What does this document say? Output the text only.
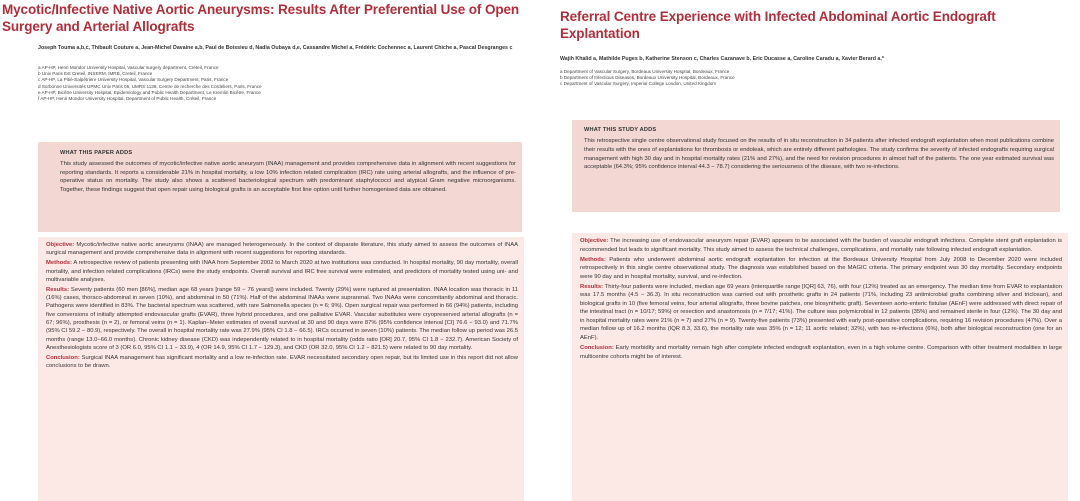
Mycotic/Infective Native Aortic Aneurysms: Results After Preferential Use of Open Surgery and Arterial Allografts
Joseph Touma a,b,c, Thibault Couture a, Jean-Michel Davaine a,b, Paul de Boissieu d, Nadia Oubaya d,e, Cassandre Michel a, Frédéric Cochennec a, Laurent Chiche a, Pascal Desgranges c
a AP-HP, Henri Mondor University Hospital, Vascular surgery department, Créteil, France
b Univ Paris Est Creteil, INSERM, IMRB, Creteil, France
c AP-HP, La Pitié-Salpêtrière University Hospital, Vascular Surgery Department, Paris, France
d Sorbonne Universités UPMC Univ Paris 06, UMRS 1138, Centre de recherche des Cordeliers, Paris, France
e AP-HP, Bicêtre University Hospital, Epidemiology and Public Health Department, Le Kremlin Bicêtre, France
f AP-HP, Henri Mondor University Hospital, Department of Public Health, Créteil, France
WHAT THIS PAPER ADDS
This study assessed the outcomes of mycotic/infective native aortic aneurysm (INAA) management and provides comprehensive data in alignment with recent suggestions for reporting standards. It reports a considerable 21% in hospital mortality, a low 10% infection related complication (IRC) rate using arterial allografts, and the influence of pre-operative status on mortality. The study also shows a scattered bacteriological spectrum with predominant staphylococci and atypical Gram negative microorganisms. Together, these findings suggest that open repair using biological grafts is an acceptable first line option until further homogenised data are obtained.

Objective: Mycotic/infective native aortic aneurysms (INAA) are managed heterogeneously. In the context of disparate literature, this study aimed to assess the outcomes of INAA surgical management and provide comprehensive data in alignment with recent suggestions for reporting standards.

Methods: A retrospective review of patients presenting with INAA from September 2002 to March 2020 at two institutions was conducted. In hospital mortality, 90 day mortality, overall mortality, and infection related complications (IRCs) were the study endpoints. Overall survival and IRC free survival were estimated, and predictors of mortality tested using uni- and multivariable analyses.

Results: Seventy patients (60 men [86%], median age 68 years [range 59 − 76 years]) were included. Twenty (29%) were ruptured at presentation. INAA location was thoracic in 11 (16%) cases, thoraco-abdominal in seven (10%), and abdominal in 50 (71%). Half of the abdominal INAAs were suprarenal. Two INAAs were concomitantly abdominal and thoracic. Pathogens were identified in 83%. The bacterial spectrum was scattered, with rare Salmonella species (n = 6; 9%). Open surgical repair was performed in 66 (94%) patients, including five conversions of initially attempted endovascular grafts (EVAR), three hybrid procedures, and one palliative EVAR. Vascular substitutes were cryopreserved arterial allografts (n = 67; 96%), prosthesis (n = 2), or femoral veins (n = 1). Kaplan−Meier estimates of overall survival at 30 and 90 days were 87% (95% confidence interval [CI] 76.6 − 93.0) and 71.7% (95% CI 59.2 − 80.9), respectively. The overall in hospital mortality rate was 27.9% (95% CI 1.8 − 66.5). IRCs occurred in seven (10%) patients. The median follow up period was 26.5 months (range 13.0−66.0 months). Chronic kidney disease (CKD) was independently related to in hospital mortality (odds ratio [OR] 20.7, 95% CI 1.8 − 232.7). American Society of Anesthesiologists score of 3 (OR 6.0, 95% CI 1.1 − 33.9), 4 (OR 14.9, 95% CI 1.7 − 129.3), and CKD (OR 32.0, 95% CI 1.2 − 821.5) were related to 90 day mortality.

Conclusion: Surgical INAA management has significant mortality and a low re-infection rate. EVAR necessitated secondary open repair, but its limited use in this report did not allow conclusions to be drawn.

Referral Centre Experience with Infected Abdominal Aortic Endograft Explantation
Wajih Khalid a, Mathilde Puges b, Katherine Stenson c, Charles Cazanave b, Eric Ducasse a, Caroline Caradu a, Xavier Berard a,*
a Department of Vascular Surgery, Bordeaux University Hospital, Bordeaux, France
b Department of Infectious Diseases, Bordeaux University Hospital, Bordeaux, France
c Department of Vascular Surgery, Imperial College London, United Kingdom
WHAT THIS STUDY ADDS
This retrospective single centre observational study focused on the results of in situ reconstruction in 34 patients after infected endograft explantation when most publications combine their results with the ones of explantations for thrombosis or endoleak, which are entirely different pathologies. The study confirms the severity of infected endografts requiring surgical management with high 30 day and in hospital mortality rates (21% and 27%), and the need for revision procedures in almost half of the patients. The one year estimated survival was acceptable (64.3%; 95% confidence interval 44.3 − 78.7) considering the seriousness of the disease, with two re-infections.

Objective: The increasing use of endovascular aneurysm repair (EVAR) appears to be associated with the burden of vascular endograft infections. Complete stent graft explantation is recommended but leads to significant mortality. This study aimed to assess the technical challenges, complications, and mortality rate following infected endograft explantation.

Methods: Patients who underwent abdominal aortic endograft explantation for infection at the Bordeaux University Hospital from July 2008 to December 2020 were included retrospectively in this single centre observational study. The diagnosis was established based on the MAGIC criteria. The primary endpoint was 30 day mortality. Secondary endpoints were 90 day and in hospital mortality, survival, and re-infection.

Results: Thirty-four patients were included, median age 69 years (interquartile range [IQR] 63, 76), with four (12%) treated as an emergency. The median time from EVAR to explantation was 17.5 months (4.5 − 36.3). In situ reconstruction was carried out with prosthetic grafts in 24 patients (71%, including 23 antimicrobial grafts combining silver and triclosan), and biological grafts in 10 (five femoral veins, four arterial allografts, three bovine patches, one biosynthetic graft). Seventeen aorto-enteric fistulae (AEnF) were addressed with direct repair of the intestinal tract (n = 10/17; 59%) or resection and anastomosis (n = 7/17; 41%). The culture was polymicrobial in 12 patients (35%) and remained sterile in four (12%). The 30 day and in hospital mortality rates were 21% (n = 7) and 27% (n = 9). Twenty-five patients (73%) presented with early post-operative complications, requiring 16 revision procedures (47%). Over a median follow up of 16.2 months (IQR 8.3, 33.6), the mortality rate was 35% (n = 12; 11 aortic related; 32%), with two re-infections (6%), both after biological reconstruction (one for an AEnF).

Conclusion: Early morbidity and mortality remain high after complete infected endograft explantation, even in a high volume centre. Comparison with other treatment modalities in large multicentre cohorts might be of interest.
